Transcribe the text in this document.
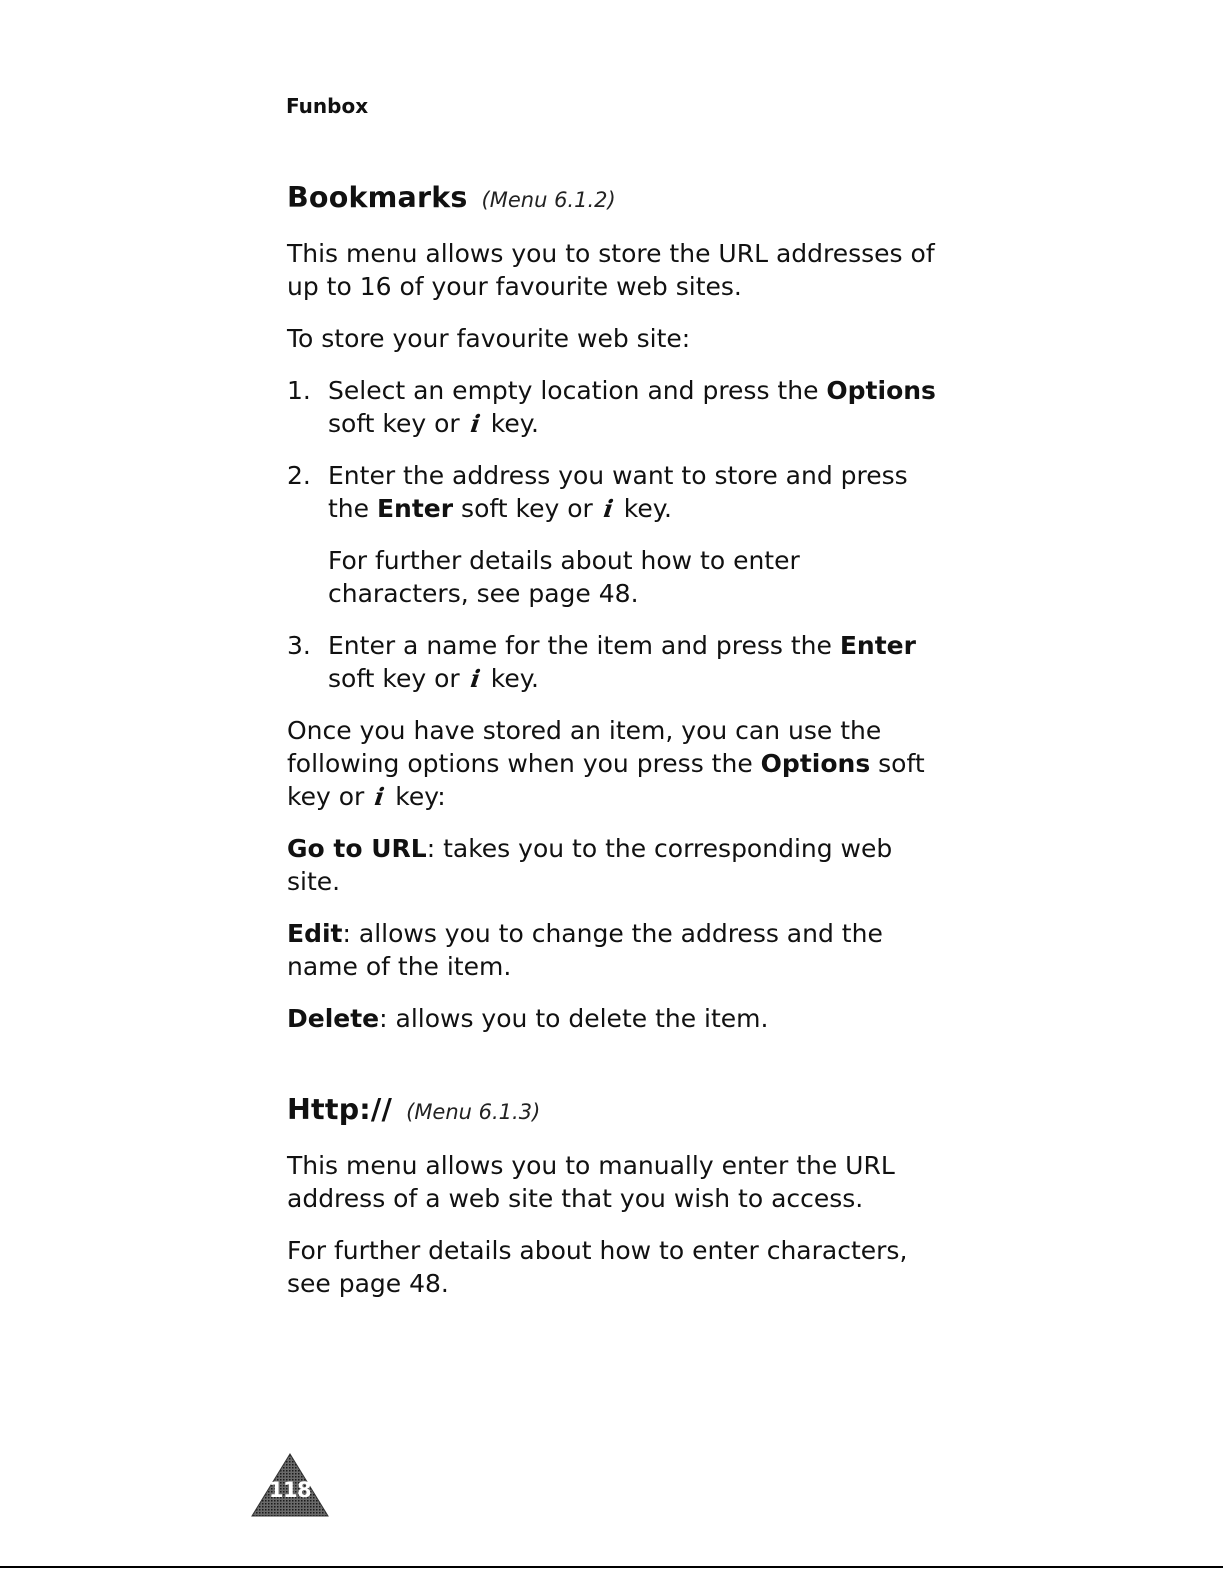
Funbox
Bookmarks (Menu 6.1.2)

This menu allows you to store the URL addresses of up to 16 of your favourite web sites.

To store your favourite web site:

1. Select an empty location and press the Options soft key or i key.
2. Enter the address you want to store and press the Enter soft key or i key.

For further details about how to enter characters, see page 48.

3. Enter a name for the item and press the Enter soft key or i key.

Once you have stored an item, you can use the following options when you press the Options soft key or i key:

Go to URL: takes you to the corresponding web site.

Edit: allows you to change the address and the name of the item.

Delete: allows you to delete the item.

Http:// (Menu 6.1.3)

This menu allows you to manually enter the URL address of a web site that you wish to access.

For further details about how to enter characters, see page 48.

118
